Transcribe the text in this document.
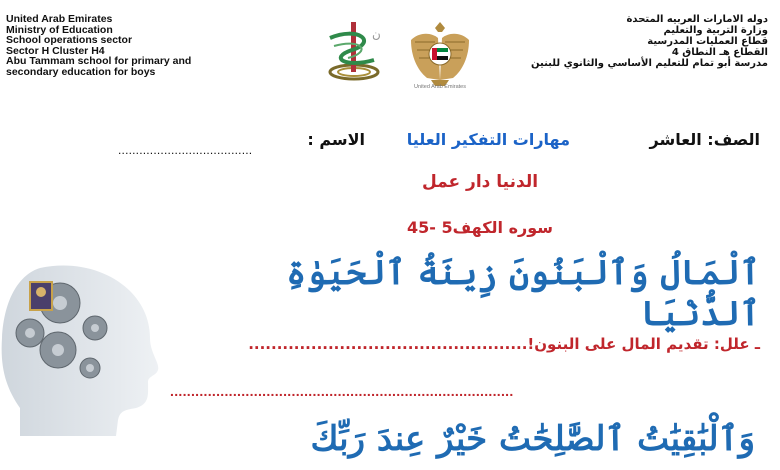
United Arab Emirates
Ministry of Education
School operations sector
Sector H Cluster H4
Abu Tammam school for primary and
secondary education for boys
ن
United Arab Emirates
دوله الامارات العربيه المتحدة
وزارة التربية والتعليم
قطاع العمليات المدرسية
القطاع هـ النطاق 4
مدرسة أبو تمام للتعليم الأساسي والثانوي للبنين
الصف: العاشر
مهارات التفكير العليا
الاسم :
......................................
الدنيا دار عمل
سوره الكهف5 -45
ٱلْمَالُ وَٱلْبَنُونَ زِينَةُ ٱلْحَيَوٰةِ ٱلدُّنْيَا
ـ علل: تقديم المال على البنون!.................................................
..................................................................................
وَٱلْبَٰقِيَٰتُ ٱلصَّٰلِحَٰتُ خَيْرٌ عِندَ رَبِّكَ
